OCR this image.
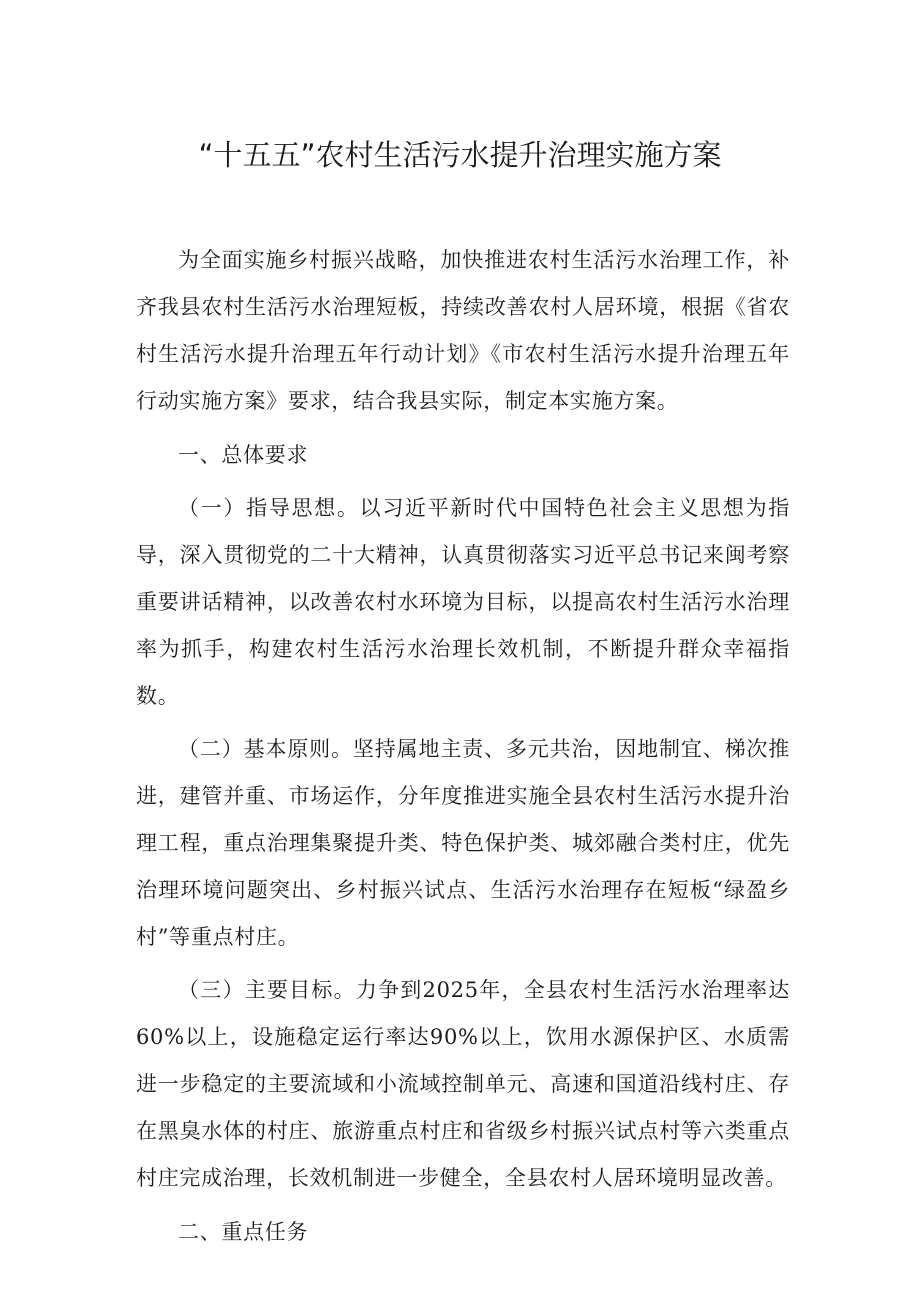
“十五五”农村生活污水提升治理实施方案

为全面实施乡村振兴战略，加快推进农村生活污水治理工作，补齐我县农村生活污水治理短板，持续改善农村人居环境，根据《省农村生活污水提升治理五年行动计划》《市农村生活污水提升治理五年行动实施方案》要求，结合我县实际，制定本实施方案。

一、总体要求

（一）指导思想。以习近平新时代中国特色社会主义思想为指导，深入贯彻党的二十大精神，认真贯彻落实习近平总书记来闽考察重要讲话精神，以改善农村水环境为目标，以提高农村生活污水治理率为抓手，构建农村生活污水治理长效机制，不断提升群众幸福指数。

（二）基本原则。坚持属地主责、多元共治，因地制宜、梯次推进，建管并重、市场运作，分年度推进实施全县农村生活污水提升治理工程，重点治理集聚提升类、特色保护类、城郊融合类村庄，优先治理环境问题突出、乡村振兴试点、生活污水治理存在短板“绿盈乡村”等重点村庄。

（三）主要目标。力争到2025年，全县农村生活污水治理率达60%以上，设施稳定运行率达90%以上，饮用水源保护区、水质需进一步稳定的主要流域和小流域控制单元、高速和国道沿线村庄、存在黑臭水体的村庄、旅游重点村庄和省级乡村振兴试点村等六类重点村庄完成治理，长效机制进一步健全，全县农村人居环境明显改善。

二、重点任务
